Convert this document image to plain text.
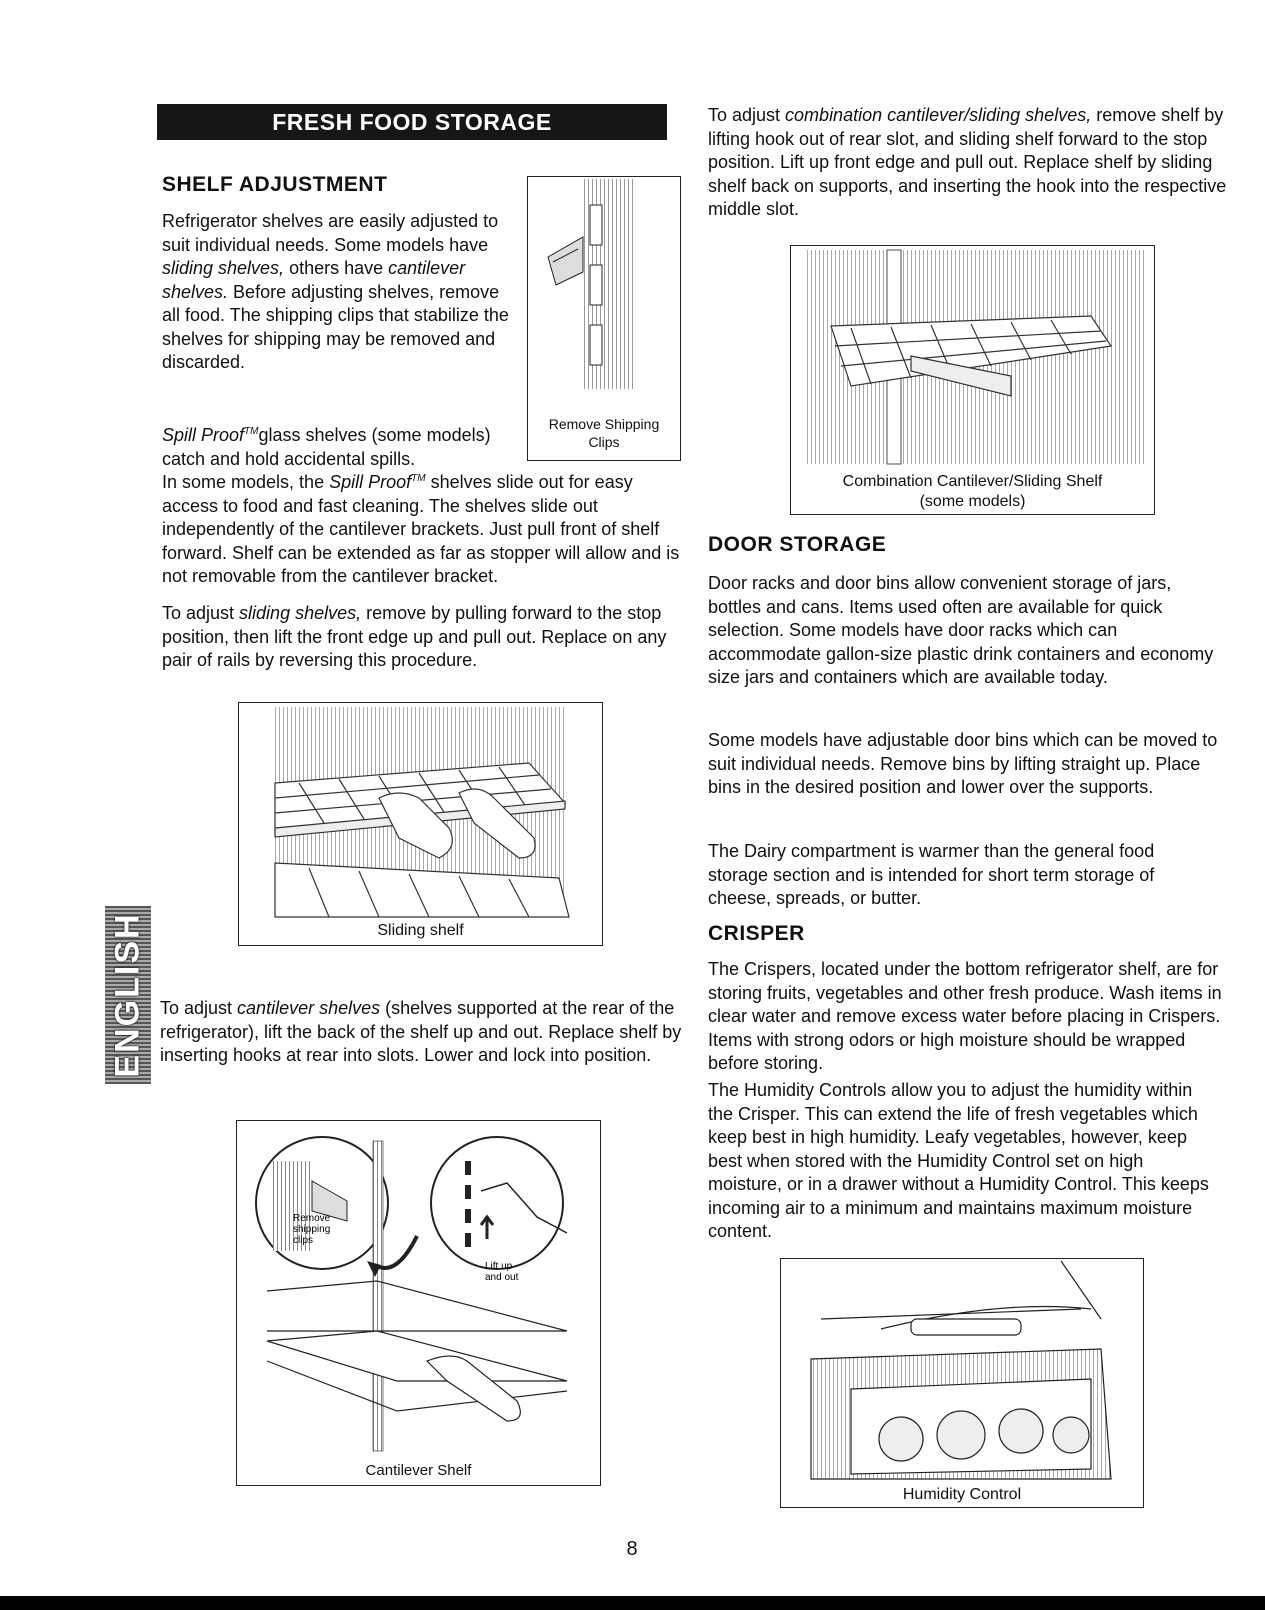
FRESH FOOD STORAGE
SHELF ADJUSTMENT

Refrigerator shelves are easily adjusted to suit individual needs. Some models have sliding shelves, others have cantilever shelves. Before adjusting shelves, remove all food. The shipping clips that stabilize the shelves for shipping may be removed and discarded.

Spill Proof™glass shelves (some models) catch and hold accidental spills.

In some models, the Spill Proof™ shelves slide out for easy access to food and fast cleaning. The shelves slide out independently of the cantilever brackets. Just pull front of shelf forward. Shelf can be extended as far as stopper will allow and is not removable from the cantilever bracket.

To adjust sliding shelves, remove by pulling forward to the stop position, then lift the front edge up and pull out. Replace on any pair of rails by reversing this procedure.

Remove Shipping
Clips
Sliding shelf
ENGLISH To adjust cantilever shelves (shelves supported at the rear of the refrigerator), lift the back of the shelf up and out. Replace shelf by inserting hooks at rear into slots. Lower and lock into position.

Remove
shipping
clips
Lift up
and out
Cantilever Shelf

To adjust combination cantilever/sliding shelves, remove shelf by lifting hook out of rear slot, and sliding shelf forward to the stop position. Lift up front edge and pull out. Replace shelf by sliding shelf back on supports, and inserting the hook into the respective middle slot.

Combination Cantilever/Sliding Shelf
(some models)
DOOR STORAGE

Door racks and door bins allow convenient storage of jars, bottles and cans. Items used often are available for quick selection. Some models have door racks which can accommodate gallon-size plastic drink containers and economy size jars and containers which are available today.

Some models have adjustable door bins which can be moved to suit individual needs. Remove bins by lifting straight up. Place bins in the desired position and lower over the supports.

The Dairy compartment is warmer than the general food storage section and is intended for short term storage of cheese, spreads, or butter.

CRISPER

The Crispers, located under the bottom refrigerator shelf, are for storing fruits, vegetables and other fresh produce. Wash items in clear water and remove excess water before placing in Crispers. Items with strong odors or high moisture should be wrapped before storing.

The Humidity Controls allow you to adjust the humidity within the Crisper. This can extend the life of fresh vegetables which keep best in high humidity. Leafy vegetables, however, keep best when stored with the Humidity Control set on high moisture, or in a drawer without a Humidity Control. This keeps incoming air to a minimum and maintains maximum moisture content.

Humidity Control
8
